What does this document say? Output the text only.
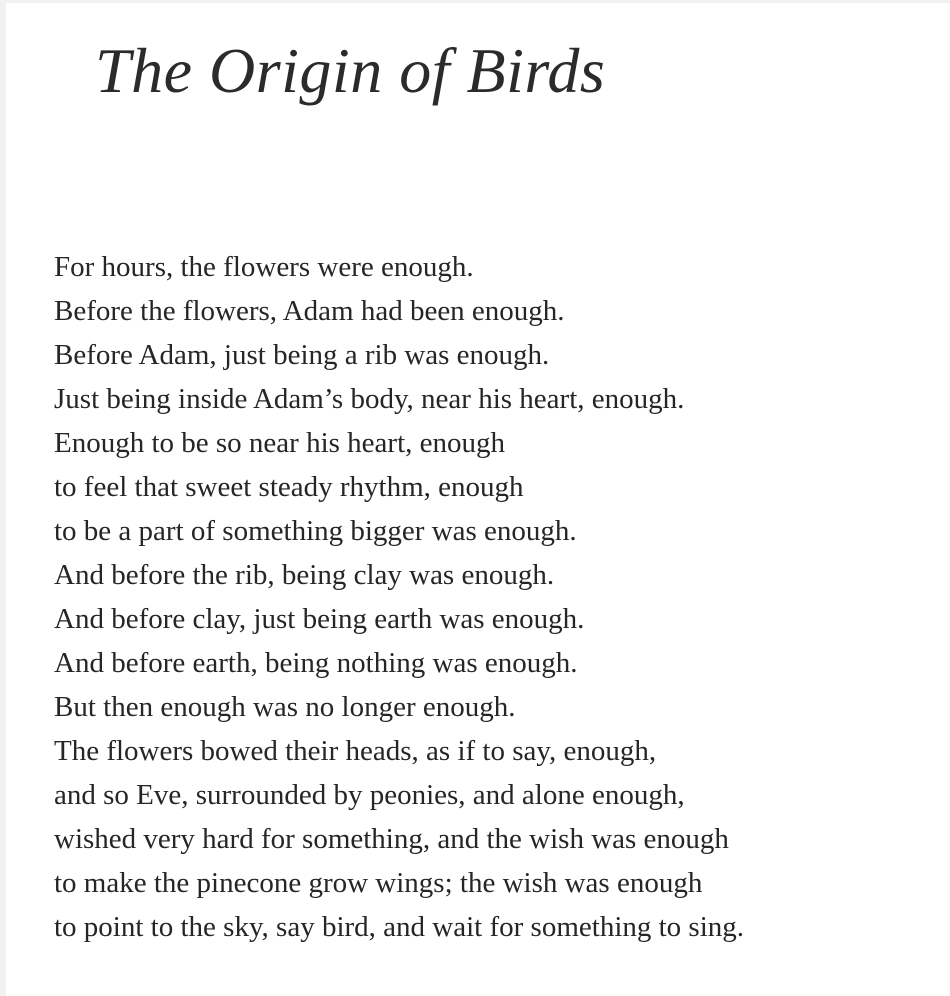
The Origin of Birds
For hours, the flowers were enough.
Before the flowers, Adam had been enough.
Before Adam, just being a rib was enough.
Just being inside Adam’s body, near his heart, enough.
Enough to be so near his heart, enough
to feel that sweet steady rhythm, enough
to be a part of something bigger was enough.
And before the rib, being clay was enough.
And before clay, just being earth was enough.
And before earth, being nothing was enough.
But then enough was no longer enough.
The flowers bowed their heads, as if to say, enough,
and so Eve, surrounded by peonies, and alone enough,
wished very hard for something, and the wish was enough
to make the pinecone grow wings; the wish was enough
to point to the sky, say bird, and wait for something to sing.
